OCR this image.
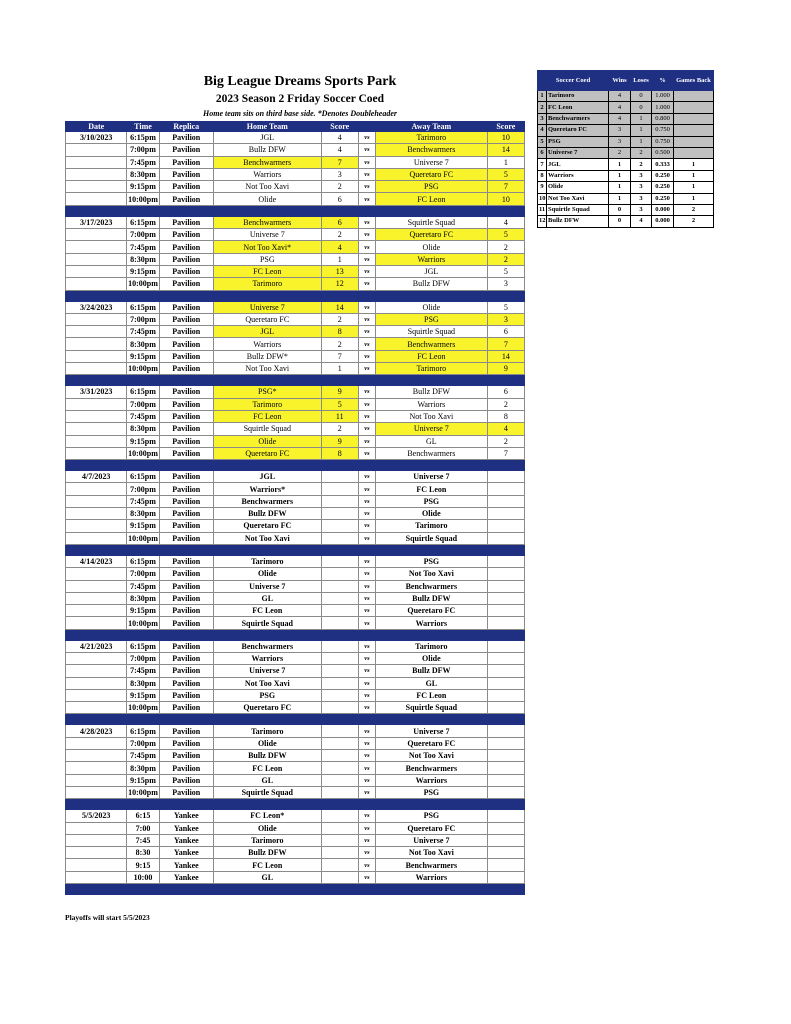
Big League Dreams Sports Park
2023 Season 2 Friday Soccer Coed
Home team sits on third base side. *Denotes Doubleheader
Date	Time	Replica	Home Team	Score		Away Team	Score
3/10/2023	6:15pm	Pavilion	JGL	4	vs	Tarimoro	10
	7:00pm	Pavilion	Bullz DFW	4	vs	Benchwarmers	14
	7:45pm	Pavilion	Benchwarmers	7	vs	Universe 7	1
	8:30pm	Pavilion	Warriors	3	vs	Queretaro FC	5
	9:15pm	Pavilion	Not Too Xavi	2	vs	PSG	7
	10:00pm	Pavilion	Olide	6	vs	FC Leon	10

3/17/2023	6:15pm	Pavilion	Benchwarmers	6	vs	Squirtle Squad	4
	7:00pm	Pavilion	Universe 7	2	vs	Queretaro FC	5
	7:45pm	Pavilion	Not Too Xavi*	4	vs	Olide	2
	8:30pm	Pavilion	PSG	1	vs	Warriors	2
	9:15pm	Pavilion	FC Leon	13	vs	JGL	5
	10:00pm	Pavilion	Tarimoro	12	vs	Bullz DFW	3

3/24/2023	6:15pm	Pavilion	Universe 7	14	vs	Olide	5
	7:00pm	Pavilion	Queretaro FC	2	vs	PSG	3
	7:45pm	Pavilion	JGL	8	vs	Squirtle Squad	6
	8:30pm	Pavilion	Warriors	2	vs	Benchwarmers	7
	9:15pm	Pavilion	Bullz DFW*	7	vs	FC Leon	14
	10:00pm	Pavilion	Not Too Xavi	1	vs	Tarimoro	9

3/31/2023	6:15pm	Pavilion	PSG*	9	vs	Bullz DFW	6
	7:00pm	Pavilion	Tarimoro	5	vs	Warriors	2
	7:45pm	Pavilion	FC Leon	11	vs	Not Too Xavi	8
	8:30pm	Pavilion	Squirtle Squad	2	vs	Universe 7	4
	9:15pm	Pavilion	Olide	9	vs	GL	2
	10:00pm	Pavilion	Queretaro FC	8	vs	Benchwarmers	7

4/7/2023	6:15pm	Pavilion	JGL		vs	Universe 7	
	7:00pm	Pavilion	Warriors*		vs	FC Leon	
	7:45pm	Pavilion	Benchwarmers		vs	PSG	
	8:30pm	Pavilion	Bullz DFW		vs	Olide	
	9:15pm	Pavilion	Queretaro FC		vs	Tarimoro	
	10:00pm	Pavilion	Not Too Xavi		vs	Squirtle Squad	

4/14/2023	6:15pm	Pavilion	Tarimoro		vs	PSG	
	7:00pm	Pavilion	Olide		vs	Not Too Xavi	
	7:45pm	Pavilion	Universe 7		vs	Benchwarmers	
	8:30pm	Pavilion	GL		vs	Bullz DFW	
	9:15pm	Pavilion	FC Leon		vs	Queretaro FC	
	10:00pm	Pavilion	Squirtle Squad		vs	Warriors	

4/21/2023	6:15pm	Pavilion	Benchwarmers		vs	Tarimoro	
	7:00pm	Pavilion	Warriors		vs	Olide	
	7:45pm	Pavilion	Universe 7		vs	Bullz DFW	
	8:30pm	Pavilion	Not Too Xavi		vs	GL	
	9:15pm	Pavilion	PSG		vs	FC Leon	
	10:00pm	Pavilion	Queretaro FC		vs	Squirtle Squad	

4/28/2023	6:15pm	Pavilion	Tarimoro		vs	Universe 7	
	7:00pm	Pavilion	Olide		vs	Queretaro FC	
	7:45pm	Pavilion	Bullz DFW		vs	Not Too Xavi	
	8:30pm	Pavilion	FC Leon		vs	Benchwarmers	
	9:15pm	Pavilion	GL		vs	Warriors	
	10:00pm	Pavilion	Squirtle Squad		vs	PSG	

5/5/2023	6:15	Yankee	FC Leon*		vs	PSG	
	7:00	Yankee	Olide		vs	Queretaro FC	
	7:45	Yankee	Tarimoro		vs	Universe 7	
	8:30	Yankee	Bullz DFW		vs	Not Too Xavi	
	9:15	Yankee	FC Leon		vs	Benchwarmers	
	10:00	Yankee	GL		vs	Warriors	

Soccer Coed		Wins	Loses	%	Games Back
1	Tarimoro	4	0	1.000	
2	FC Leon	4	0	1.000	
3	Benchwarmers	4	1	0.800	
4	Queretaro FC	3	1	0.750	
5	PSG	3	1	0.750	
6	Universe 7	2	2	0.500	
7	JGL	1	2	0.333	1
8	Warriors	1	3	0.250	1
9	Olide	1	3	0.250	1
10	Not Too Xavi	1	3	0.250	1
11	Squirtle Squad	0	3	0.000	2
12	Bullz DFW	0	4	0.000	2
Playoffs will start 5/5/2023
